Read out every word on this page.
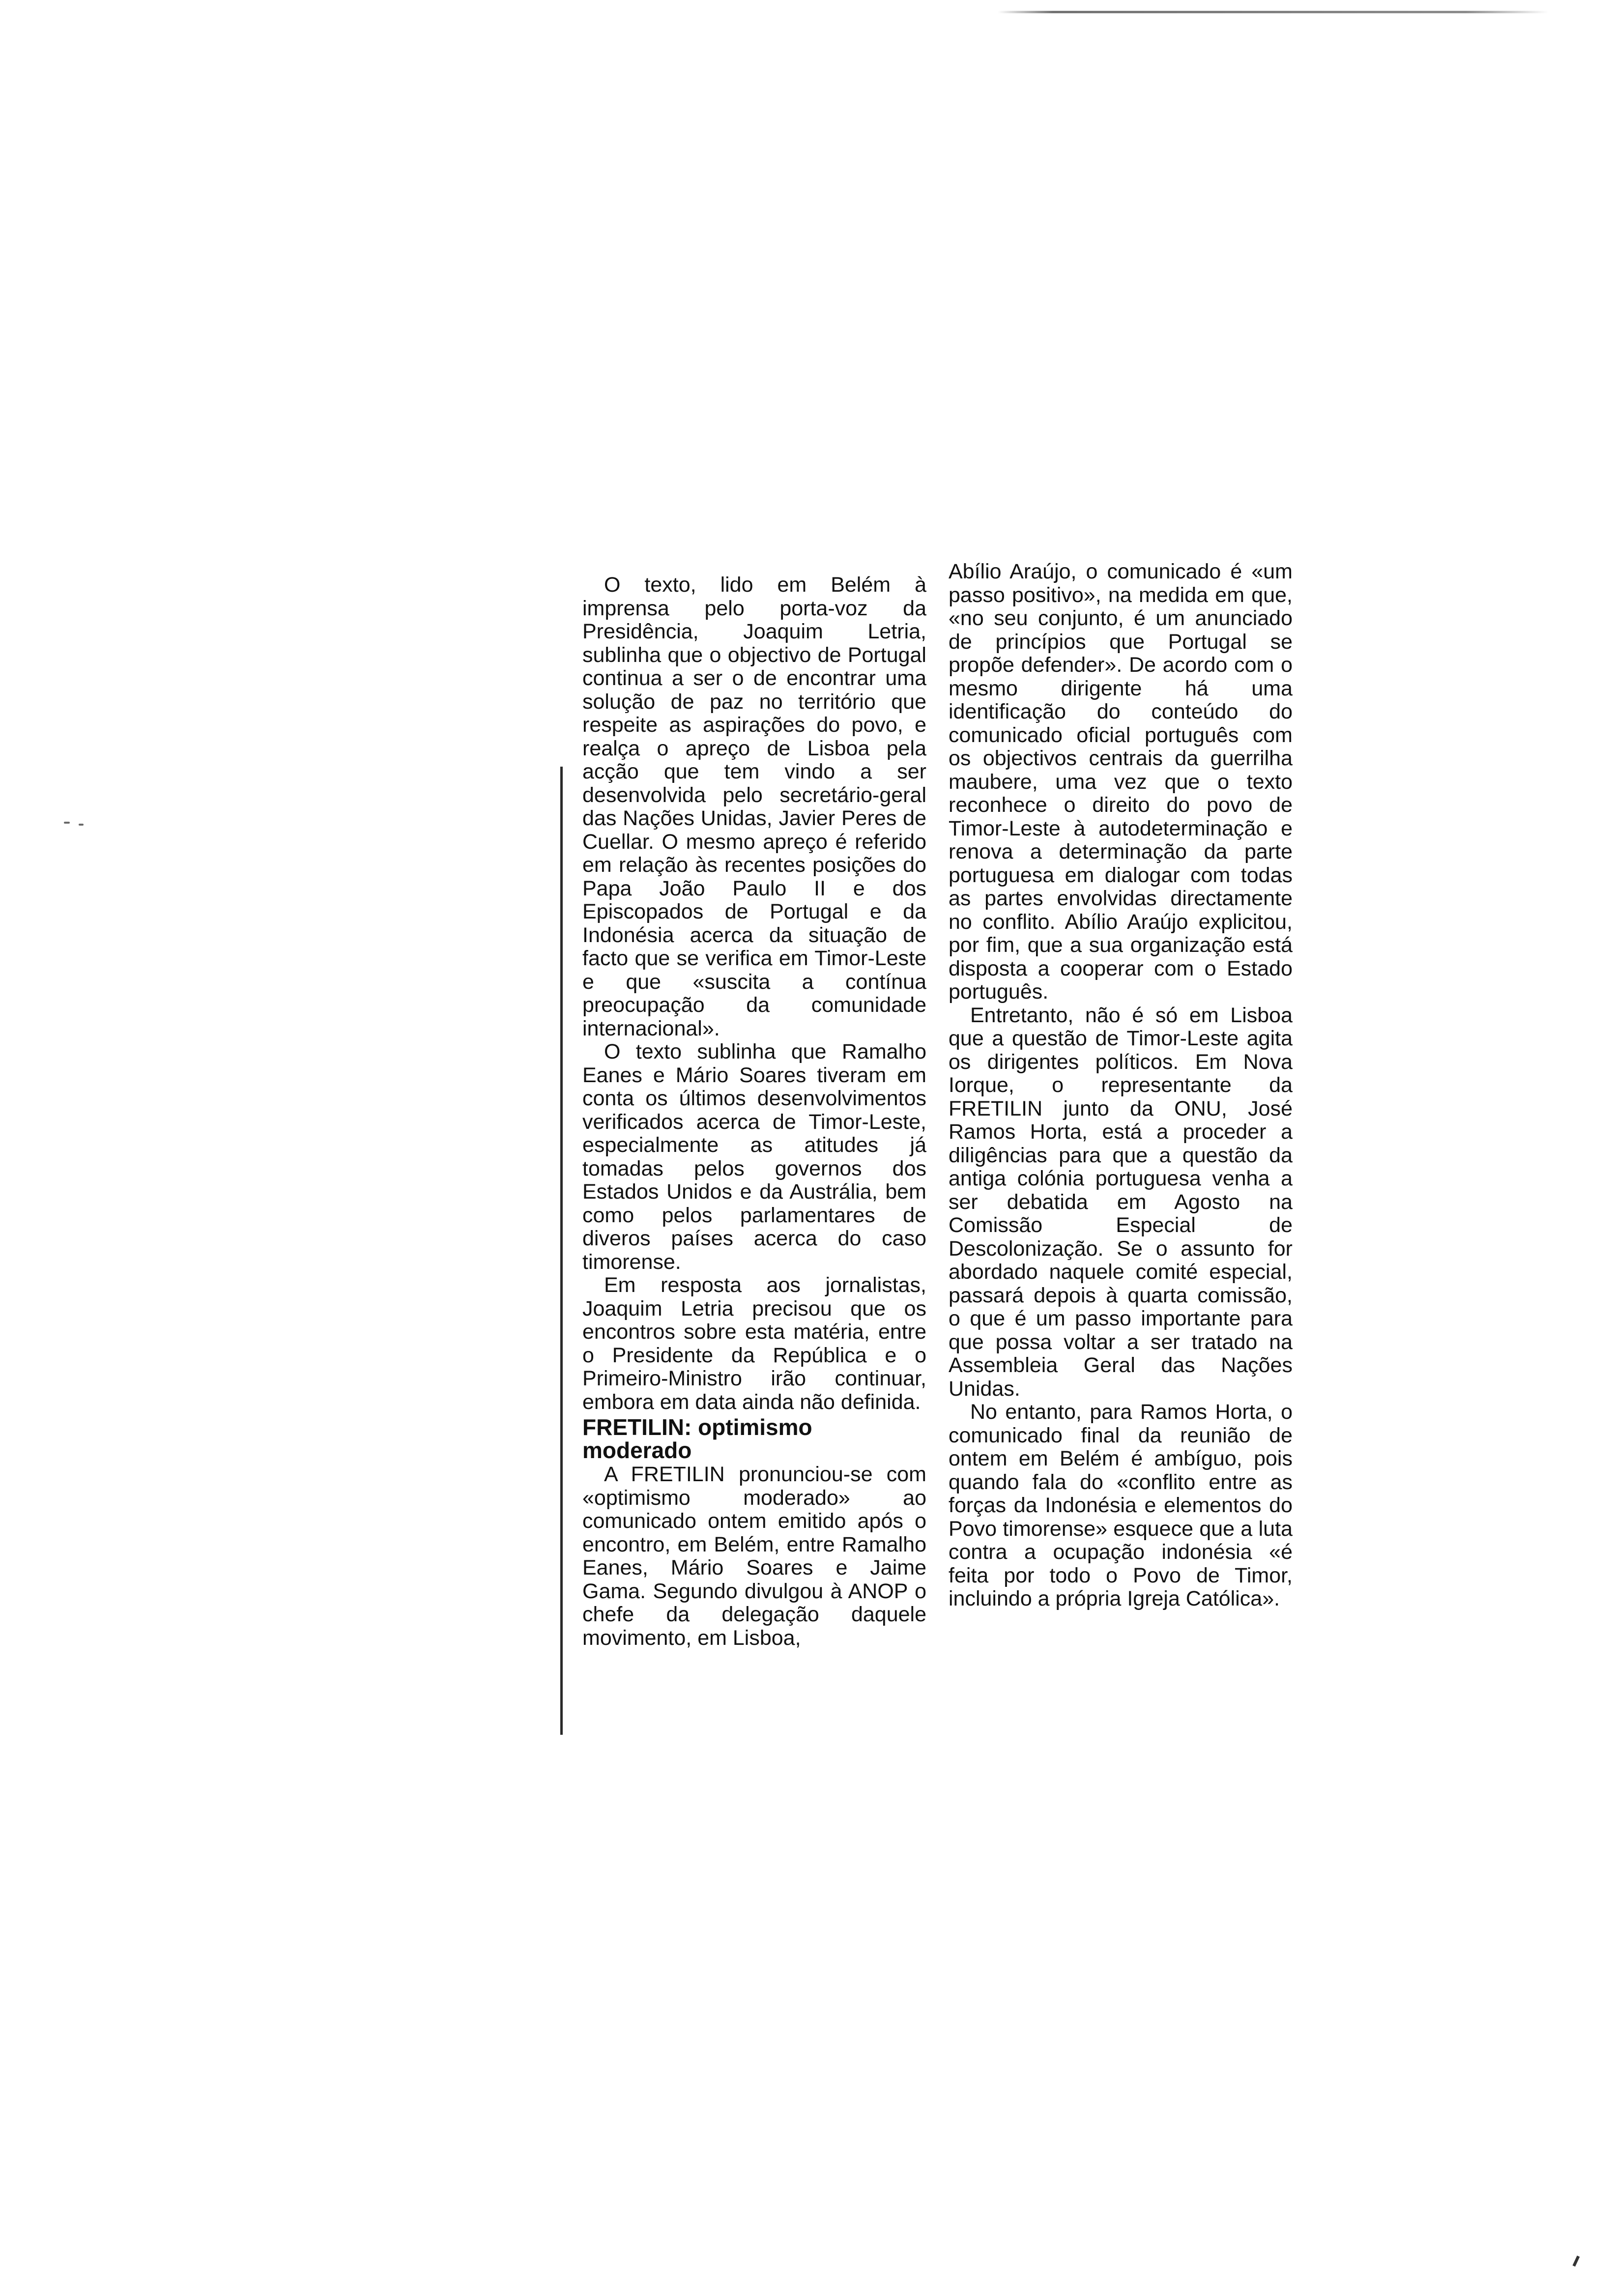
O texto, lido em Belém à imprensa pelo porta-voz da Presidência, Joaquim Letria, sublinha que o objectivo de Portugal continua a ser o de encontrar uma solução de paz no território que respeite as aspirações do povo, e realça o apreço de Lisboa pela acção que tem vindo a ser desenvolvida pelo secretário-geral das Nações Unidas, Javier Peres de Cuellar. O mesmo apreço é referido em relação às recentes posições do Papa João Paulo II e dos Episcopados de Portugal e da Indonésia acerca da situação de facto que se verifica em Timor-Leste e que «suscita a contínua preocupação da comunidade internacional».

O texto sublinha que Ramalho Eanes e Mário Soares tiveram em conta os últimos desenvolvimentos verificados acerca de Timor-Leste, especialmente as atitudes já tomadas pelos governos dos Estados Unidos e da Austrália, bem como pelos parlamentares de diveros países acerca do caso timorense.

Em resposta aos jornalistas, Joaquim Letria precisou que os encontros sobre esta matéria, entre o Presidente da República e o Primeiro-Ministro irão continuar, embora em data ainda não definida.

FRETILIN: optimismo moderado

A FRETILIN pronunciou-se com «optimismo moderado» ao comunicado ontem emitido após o encontro, em Belém, entre Ramalho Eanes, Mário Soares e Jaime Gama. Segundo divulgou à ANOP o chefe da delegação daquele movimento, em Lisboa,

Abílio Araújo, o comunicado é «um passo positivo», na medida em que, «no seu conjunto, é um anunciado de princípios que Portugal se propõe defender». De acordo com o mesmo dirigente há uma identificação do conteúdo do comunicado oficial português com os objectivos centrais da guerrilha maubere, uma vez que o texto reconhece o direito do povo de Timor-Leste à autodeterminação e renova a determinação da parte portuguesa em dialogar com todas as partes envolvidas directamente no conflito. Abílio Araújo explicitou, por fim, que a sua organização está disposta a cooperar com o Estado português.

Entretanto, não é só em Lisboa que a questão de Timor-Leste agita os dirigentes políticos. Em Nova Iorque, o representante da FRETILIN junto da ONU, José Ramos Horta, está a proceder a diligências para que a questão da antiga colónia portuguesa venha a ser debatida em Agosto na Comissão Especial de Descolonização. Se o assunto for abordado naquele comité especial, passará depois à quarta comissão, o que é um passo importante para que possa voltar a ser tratado na Assembleia Geral das Nações Unidas.

No entanto, para Ramos Horta, o comunicado final da reunião de ontem em Belém é ambíguo, pois quando fala do «conflito entre as forças da Indonésia e elementos do Povo timorense» esquece que a luta contra a ocupação indonésia «é feita por todo o Povo de Timor, incluindo a própria Igreja Católica».
